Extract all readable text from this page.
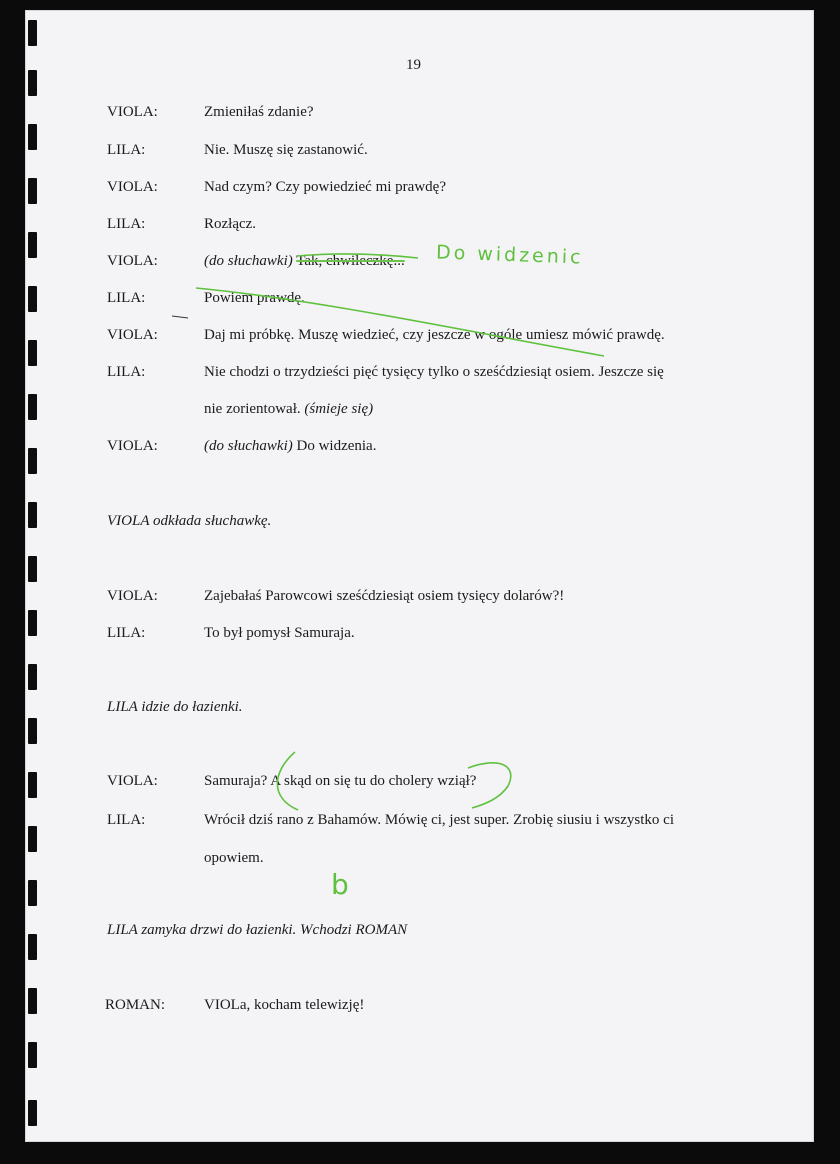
19
VIOLA:	Zmieniłaś zdanie?
LILA:	Nie. Muszę się zastanowić.
VIOLA:	Nad czym? Czy powiedzieć mi prawdę?
LILA:	Rozłącz.
VIOLA:	(do słuchawki) Tak, chwileczkę...
LILA:	Powiem prawdę.
VIOLA:	Daj mi próbkę. Muszę wiedzieć, czy jeszcze w ogóle umiesz mówić prawdę.
LILA:	Nie chodzi o trzydzieści pięć tysięcy tylko o sześćdziesiąt osiem. Jeszcze się
nie zorientował. (śmieje się)
VIOLA:	(do słuchawki) Do widzenia.
VIOLA odkłada słuchawkę.
VIOLA:	Zajebałaś Parowcowi sześćdziesiąt osiem tysięcy dolarów?!
LILA:	To był pomysł Samuraja.
LILA idzie do łazienki.
VIOLA:	Samuraja? A skąd on się tu do cholery wziął?
LILA:	Wrócił dziś rano z Bahamów. Mówię ci, jest super. Zrobię siusiu i wszystko ci
opowiem.
LILA zamyka drzwi do łazienki. Wchodzi ROMAN
ROMAN:	VIOLa, kocham telewizję!
Do widzenic
b
